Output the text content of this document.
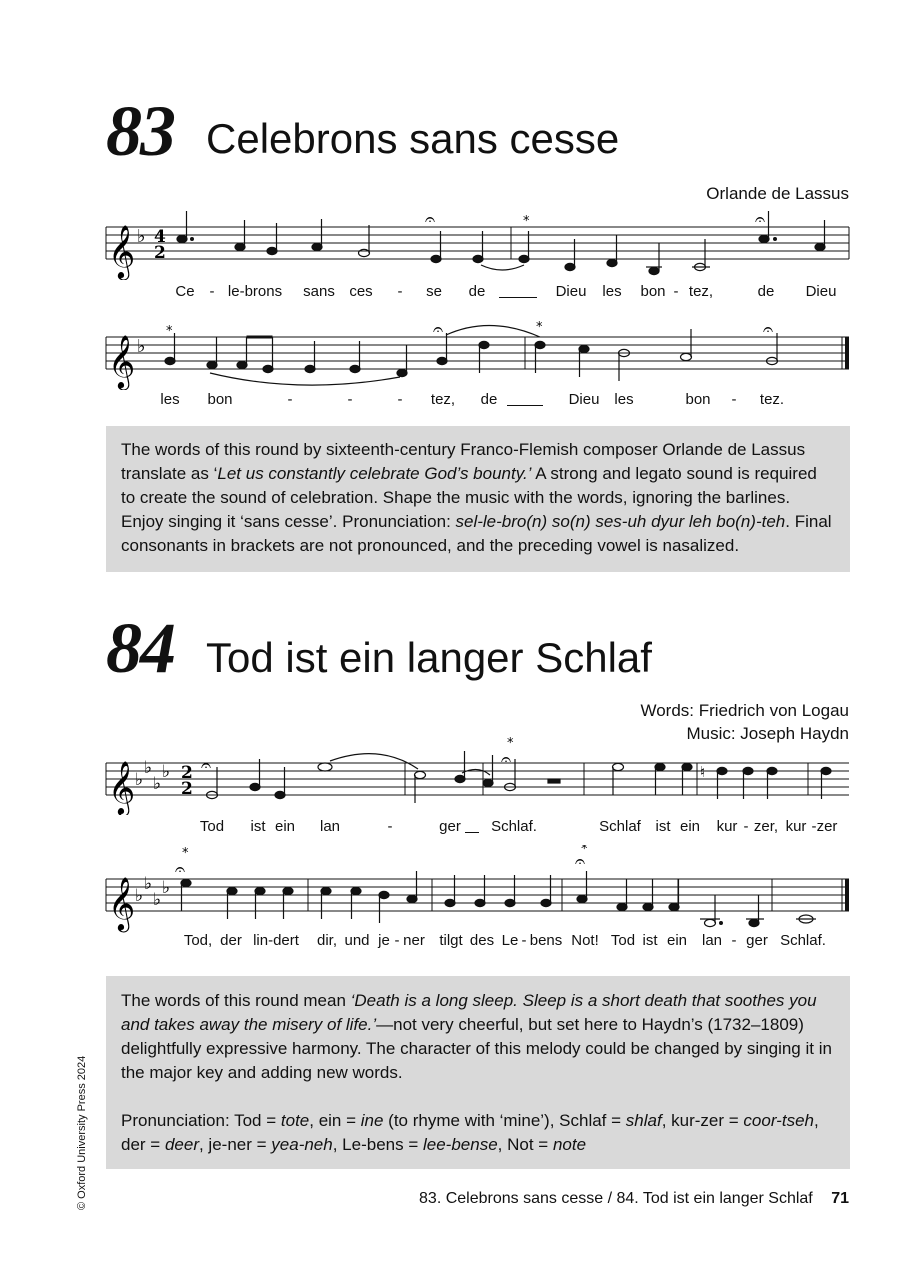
83 Celebrons sans cesse
Orlande de Lassus
𝄞 ♭ 4
2
𝄐	𝄐
*
Ce - le-brons sans ces - se de	Dieu les bon - tez,	de Dieu
𝄞 ♭
𝄐	𝄐
*	*
les bon	-	-	- tez, de	Dieu les	bon - tez.

The words of this round by sixteenth-century Franco-Flemish composer Orlande de Lassus translate as ‘Let us constantly celebrate God’s bounty.’ A strong and legato sound is required to create the sound of celebration. Shape the music with the words, ignoring the barlines. Enjoy singing it ‘sans cesse’. Pronunciation: sel-le-bro(n) so(n) ses-uh dyur leh bo(n)-teh. Final consonants in brackets are not pronounced, and the preceding vowel is nasalized.

84 Tod ist ein langer Schlaf
Words: Friedrich von Logau
Music: Joseph Haydn
𝄞 ♭
♭
♭
♭ 2
2
♮
𝄐	𝄐
*
Tod ist ein lan	-	ger Schlaf.	Schlaf ist ein kur - zer, kur - zer
𝄞 ♭
♭
♭
♭
𝄐	𝄐
*	*
Tod, der lin-dert dir, und je - ner tilgt des Le - bens Not! Tod ist ein lan - ger Schlaf.

The words of this round mean ‘Death is a long sleep. Sleep is a short death that soothes you and takes away the misery of life.’—not very cheerful, but set here to Haydn’s (1732–1809) delightfully expressive harmony. The character of this melody could be changed by singing it in the major key and adding new words.

Pronunciation: Tod = tote, ein = ine (to rhyme with ‘mine’), Schlaf = shlaf, kur-zer = coor-tseh, der = deer, je-ner = yea-neh, Le-bens = lee-bense, Not = note

83. Celebrons sans cesse / 84. Tod ist ein langer Schlaf 71
© Oxford University Press 2024
